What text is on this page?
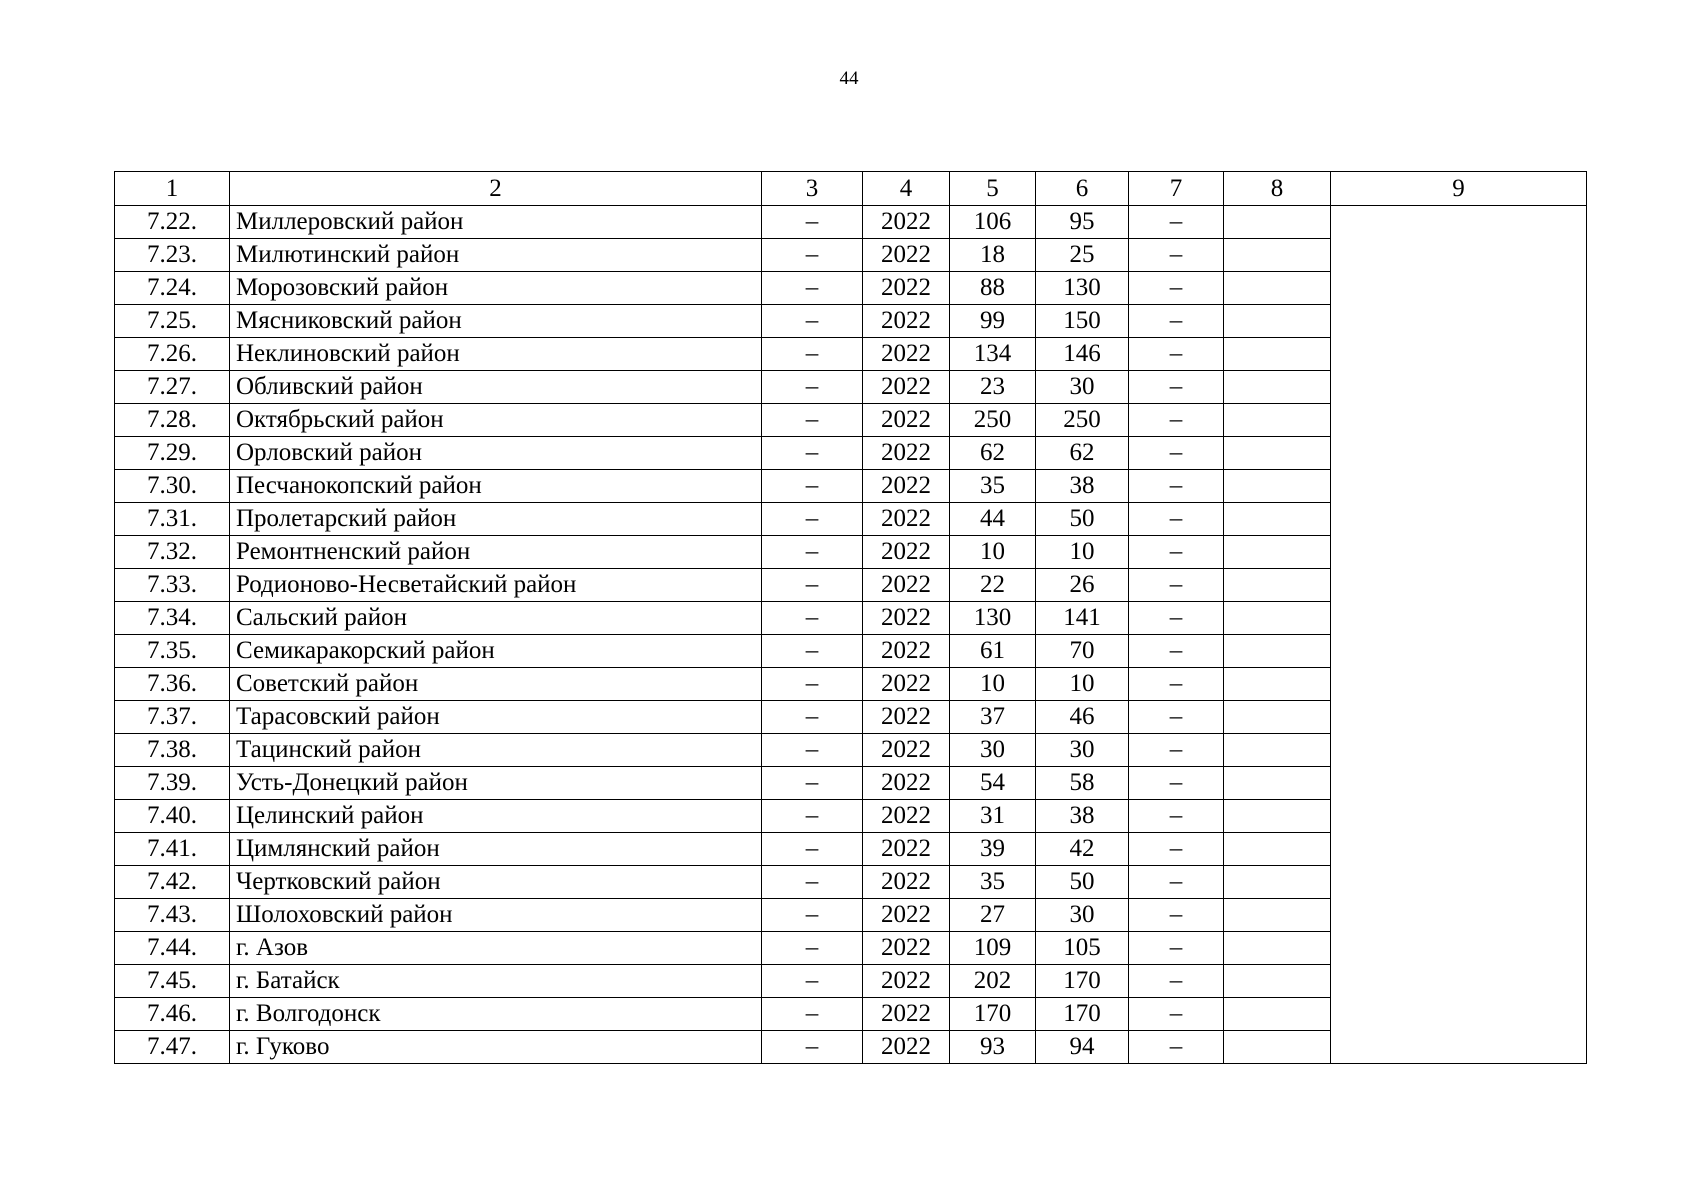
44
1	2	3	4	5	6	7	8	9
7.22.	Миллеровский район	–	2022	106	95	–		
7.23.	Милютинский район	–	2022	18	25	–		
7.24.	Морозовский район	–	2022	88	130	–		
7.25.	Мясниковский район	–	2022	99	150	–		
7.26.	Неклиновский район	–	2022	134	146	–		
7.27.	Обливский район	–	2022	23	30	–		
7.28.	Октябрьский район	–	2022	250	250	–		
7.29.	Орловский район	–	2022	62	62	–		
7.30.	Песчанокопский район	–	2022	35	38	–		
7.31.	Пролетарский район	–	2022	44	50	–		
7.32.	Ремонтненский район	–	2022	10	10	–		
7.33.	Родионово-Несветайский район	–	2022	22	26	–		
7.34.	Сальский район	–	2022	130	141	–		
7.35.	Семикаракорский район	–	2022	61	70	–		
7.36.	Советский район	–	2022	10	10	–		
7.37.	Тарасовский район	–	2022	37	46	–		
7.38.	Тацинский район	–	2022	30	30	–		
7.39.	Усть-Донецкий район	–	2022	54	58	–		
7.40.	Целинский район	–	2022	31	38	–		
7.41.	Цимлянский район	–	2022	39	42	–		
7.42.	Чертковский район	–	2022	35	50	–		
7.43.	Шолоховский район	–	2022	27	30	–		
7.44.	г. Азов	–	2022	109	105	–		
7.45.	г. Батайск	–	2022	202	170	–		
7.46.	г. Волгодонск	–	2022	170	170	–		
7.47.	г. Гуково	–	2022	93	94	–		
